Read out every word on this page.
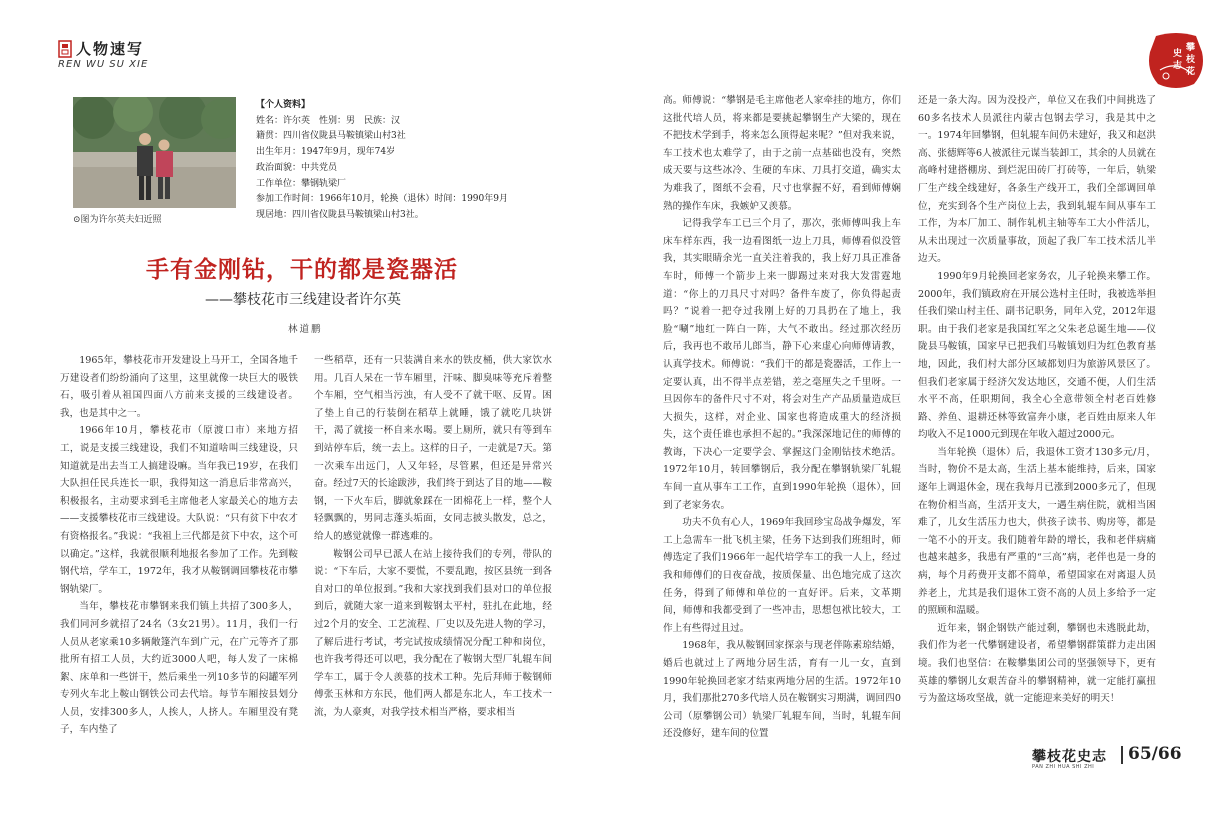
人物速写
REN WU SU XIE
攀
枝
花
史
志
⊙图为许尔英夫妇近照
【个人资料】
姓名：许尔英　性别：男　民族：汉
籍贯：四川省仪陇县马鞍镇梁山村3社
出生年月：1947年9月，现年74岁
政治面貌：中共党员
工作单位：攀钢轨梁厂
参加工作时间：1966年10月，轮换（退休）时间：1990年9月
现居地：四川省仪陇县马鞍镇梁山村3社。
手有金刚钻，干的都是瓷器活
——攀枝花市三线建设者许尔英
林道鹏

1965年，攀枝花市开发建设上马开工，全国各地千万建设者们纷纷涌向了这里，这里就像一块巨大的吸铁石，吸引着从祖国四面八方前来支援的三线建设者。我，也是其中之一。

1966年10月，攀枝花市（原渡口市）来地方招工，说是支援三线建设，我们不知道啥叫三线建设，只知道就是出去当工人搞建设嘛。当年我已19岁，在我们大队担任民兵连长一职，我得知这一消息后非常高兴，积极报名，主动要求到毛主席他老人家最关心的地方去——支援攀枝花市三线建设。大队说：“只有贫下中农才有资格报名。”我说：“我祖上三代都是贫下中农，这个可以确定。”这样，我就很顺利地报名参加了工作。先到鞍钢代培，学车工，1972年，我才从鞍钢调回攀枝花市攀钢轨梁厂。

当年，攀枝花市攀钢来我们镇上共招了300多人，我们同河乡就招了24名（3女21男）。11月，我们一行人员从老家乘10多辆敞篷汽车到广元，在广元等齐了那批所有招工人员，大约近3000人吧，每人发了一床棉絮、床单和一些饼干，然后乘坐一列10多节的闷罐军列专列火车北上鞍山钢铁公司去代培。每节车厢按县划分人员，安排300多人，人挨人，人挤人。车厢里没有凳子，车内垫了

一些稻草，还有一只装满自来水的铁皮桶，供大家饮水用。几百人呆在一节车厢里，汗味、脚臭味等充斥着整个车厢，空气相当污浊，有人受不了就干呕、反胃。困了垫上自己的行装倒在稻草上就睡，饿了就吃几块饼干，渴了就接一杯自来水喝。要上厕所，就只有等到车到站停车后，统一去上。这样的日子，一走就是7天。第一次乘车出远门，人又年轻，尽管累，但还是异常兴奋。经过7天的长途跋涉，我们终于到达了目的地——鞍钢，一下火车后，脚就象踩在一团棉花上一样，整个人轻飘飘的，男同志蓬头垢面，女同志披头散发，总之，给人的感觉就像一群逃难的。

鞍钢公司早已派人在站上接待我们的专列，带队的说：“下车后，大家不要慌，不要乱跑，按区县统一到各自对口的单位报到。”我和大家找到我们县对口的单位报到后，就随大家一道来到鞍钢太平村，驻扎在此地，经过2个月的安全、工艺流程、厂史以及先进人物的学习，了解后进行考试，考完试按成绩情况分配工种和岗位，也许我考得还可以吧，我分配在了鞍钢大型厂轧辊车间学车工，属于令人羡慕的技术工种。先后拜师于鞍钢师傅张玉林和方东民，他们两人都是东北人，车工技术一流，为人豪爽，对我学技术相当严格，要求相当

高。师傅说：“攀钢是毛主席他老人家牵挂的地方，你们这批代培人员，将来都是要挑起攀钢生产大梁的，现在不把技术学到手，将来怎么顶得起来呢？”但对我来说，车工技术也太难学了，由于之前一点基础也没有，突然成天要与这些冰冷、生硬的车床、刀具打交道，确实太为难我了，图纸不会看，尺寸也掌握不好，看到师傅娴熟的操作车床，我嫉妒又羡慕。

记得我学车工已三个月了，那次，张师傅叫我上车床车样东西，我一边看图纸一边上刀具，师傅看似没管我，其实眼睛余光一直关注着我的，我上好刀具正准备车时，师傅一个箭步上来一脚踢过来对我大发雷霆地道：“你上的刀具尺寸对吗？备件车废了，你负得起责吗？”说着一把夺过我刚上好的刀具扔在了地上，我脸“唰”地红一阵白一阵，大气不敢出。经过那次经历后，我再也不敢吊儿郎当，静下心来虚心向师傅请教，认真学技术。师傅说：“我们干的都是瓷器活，工作上一定要认真，出不得半点差错，差之毫厘失之千里呀。一旦因你车的备件尺寸不对，将会对生产产品质量造成巨大损失，这样，对企业、国家也将造成重大的经济损失，这个责任谁也承担不起的。”我深深地记住的师傅的教诲，下决心一定要学会、掌握这门金刚钻技术绝活。1972年10月，转回攀钢后，我分配在攀钢轨梁厂轧辊车间一直从事车工工作，直到1990年轮换（退休），回到了老家务农。

功夫不负有心人，1969年我回珍宝岛战争爆发，军工上急需车一批飞机主梁，任务下达到我们班组时，师傅选定了我们1966年一起代培学车工的我一人上，经过我和师傅们的日夜奋战，按质保量、出色地完成了这次任务，得到了师傅和单位的一直好评。后来，文革期间，师傅和我都受到了一些冲击，思想包袱比较大，工作上有些得过且过。

1968年，我从鞍钢回家探亲与现老伴陈素琼结婚，婚后也就过上了两地分居生活，育有一儿一女，直到1990年轮换回老家才结束两地分居的生活。1972年10月，我们那批270多代培人员在鞍钢实习期满，调回四0公司（原攀钢公司）轨梁厂轧辊车间，当时，轧辊车间还没修好，建车间的位置

还是一条大沟。因为没投产，单位又在我们中间挑选了60多名技术人员派往内蒙古包钢去学习，我是其中之一。1974年回攀钢，但轧辊车间仍未建好，我又和赵洪高、张德辉等6人被派往元谋当装卸工，其余的人员就在高峰村建搭棚房、到烂泥田砖厂打砖等，一年后，轨梁厂生产线全线建好，各条生产线开工，我们全部调回单位，充实到各个生产岗位上去，我到轧辊车间从事车工工作，为本厂加工、制作轧机主轴等车工大小件活儿，从未出现过一次质量事故，顶起了我厂车工技术活儿半边天。

1990年9月轮换回老家务农，儿子轮换来攀工作。2000年，我们镇政府在开展公选村主任时，我被选举担任我们梁山村主任、副书记职务，同年入党，2012年退职。由于我们老家是我国红军之父朱老总诞生地——仪陇县马鞍镇，国家早已把我们马鞍镇划归为红色教育基地，因此，我们村大部分区域都划归为旅游风景区了。但我们老家属于经济欠发达地区，交通不便，人们生活水平不高，任职期间，我全心全意带领全村老百姓修路、养鱼、退耕还林等致富奔小康，老百姓由原来人年均收入不足1000元到现在年收入超过2000元。

当年轮换（退休）后，我退休工资才130多元/月，当时，物价不是太高，生活上基本能维持，后来，国家逐年上调退休金，现在我每月已涨到2000多元了，但现在物价相当高，生活开支大，一遇生病住院，就相当困难了，儿女生活压力也大，供孩子读书、购房等，都是一笔不小的开支。我们随着年龄的增长，我和老伴病痛也越来越多，我患有严重的“三高”病，老伴也是一身的病，每个月药费开支都不简单，希望国家在对离退人员养老上，尤其是我们退休工资不高的人员上多给予一定的照顾和温暖。

近年来，钢企钢铁产能过剩，攀钢也未逃脱此劫，我们作为老一代攀钢建设者，希望攀钢群策群力走出困境。我们也坚信：在鞍攀集团公司的坚强领导下，更有英雄的攀钢儿女艰苦奋斗的攀钢精神，就一定能打赢扭亏为盈这场攻坚战，就一定能迎来美好的明天！

攀枝花史志
PAN ZHI HUA SHI ZHI
65/66
